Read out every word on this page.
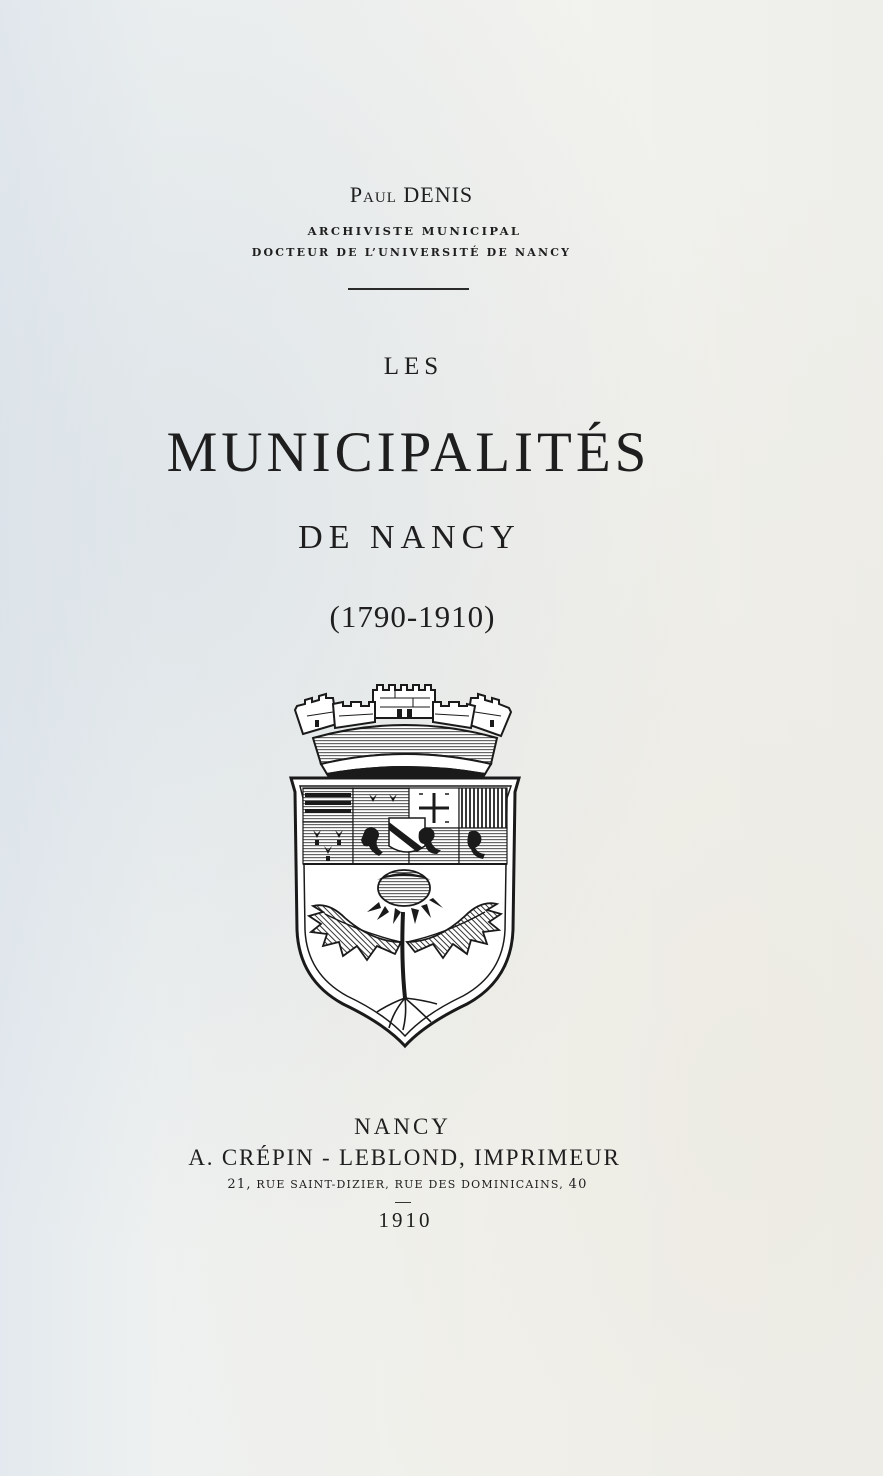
Paul DENIS
ARCHIVISTE MUNICIPAL
DOCTEUR DE L’UNIVERSITÉ DE NANCY
LES
MUNICIPALITÉS
DE NANCY
(1790-1910)
NANCY
A. CRÉPIN - LEBLOND, IMPRIMEUR
21, RUE SAINT-DIZIER, RUE DES DOMINICAINS, 40
1910
